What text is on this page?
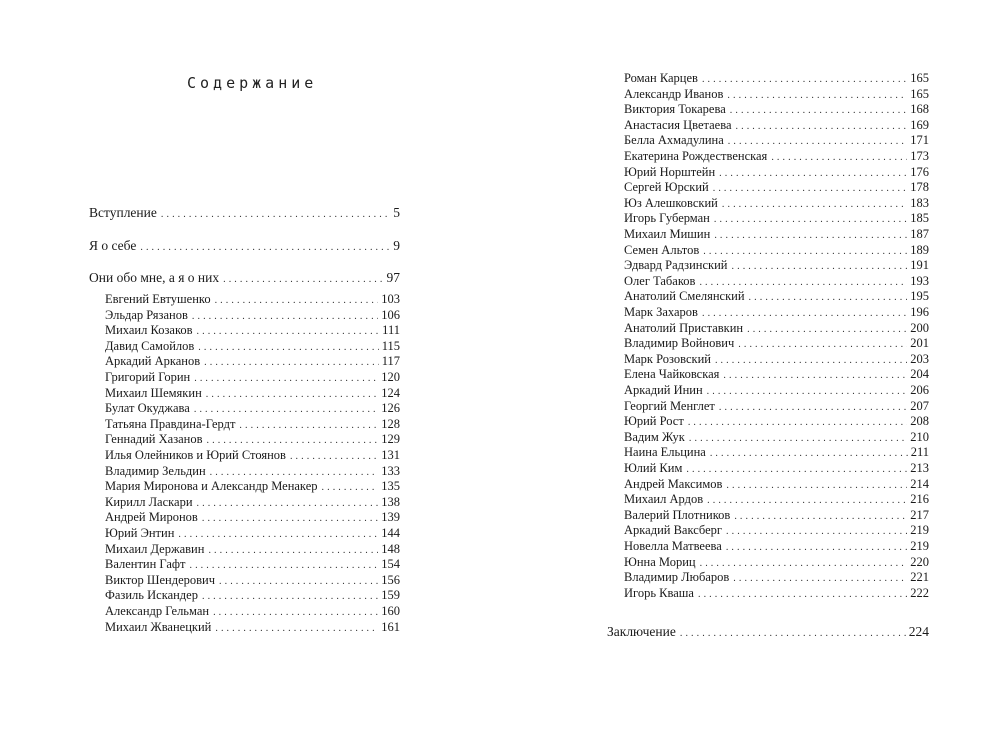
Содержание
Вступление . . .	5
Я о себе . . .	9
Они обо мне, а я о них . . .	97
Евгений Евтушенко . . .	103
Эльдар Рязанов . . .	106
Михаил Козаков . . .	111
Давид Самойлов . . .	115
Аркадий Арканов . . .	117
Григорий Горин . . .	120
Михаил Шемякин . . .	124
Булат Окуджава . . .	126
Татьяна Правдина-Гердт . . .	128
Геннадий Хазанов . . .	129
Илья Олейников и Юрий Стоянов . . .	131
Владимир Зельдин . . .	133
Мария Миронова и Александр Менакер . . .	135
Кирилл Ласкари . . .	138
Андрей Миронов . . .	139
Юрий Энтин . . .	144
Михаил Державин . . .	148
Валентин Гафт . . .	154
Виктор Шендерович . . .	156
Фазиль Искандер . . .	159
Александр Гельман . . .	160
Михаил Жванецкий . . .	161
Роман Карцев . . .	165
Александр Иванов . . .	165
Виктория Токарева . . .	168
Анастасия Цветаева . . .	169
Белла Ахмадулина . . .	171
Екатерина Рождественская . . .	173
Юрий Норштейн . . .	176
Сергей Юрский . . .	178
Юз Алешковский . . .	183
Игорь Губерман . . .	185
Михаил Мишин . . .	187
Семен Альтов . . .	189
Эдвард Радзинский . . .	191
Олег Табаков . . .	193
Анатолий Смелянский . . .	195
Марк Захаров . . .	196
Анатолий Приставкин . . .	200
Владимир Войнович . . .	201
Марк Розовский . . .	203
Елена Чайковская . . .	204
Аркадий Инин . . .	206
Георгий Менглет . . .	207
Юрий Рост . . .	208
Вадим Жук . . .	210
Наина Ельцина . . .	211
Юлий Ким . . .	213
Андрей Максимов . . .	214
Михаил Ардов . . .	216
Валерий Плотников . . .	217
Аркадий Ваксберг . . .	219
Новелла Матвеева . . .	219
Юнна Мориц . . .	220
Владимир Любаров . . .	221
Игорь Кваша . . .	222
Заключение . . .	224
